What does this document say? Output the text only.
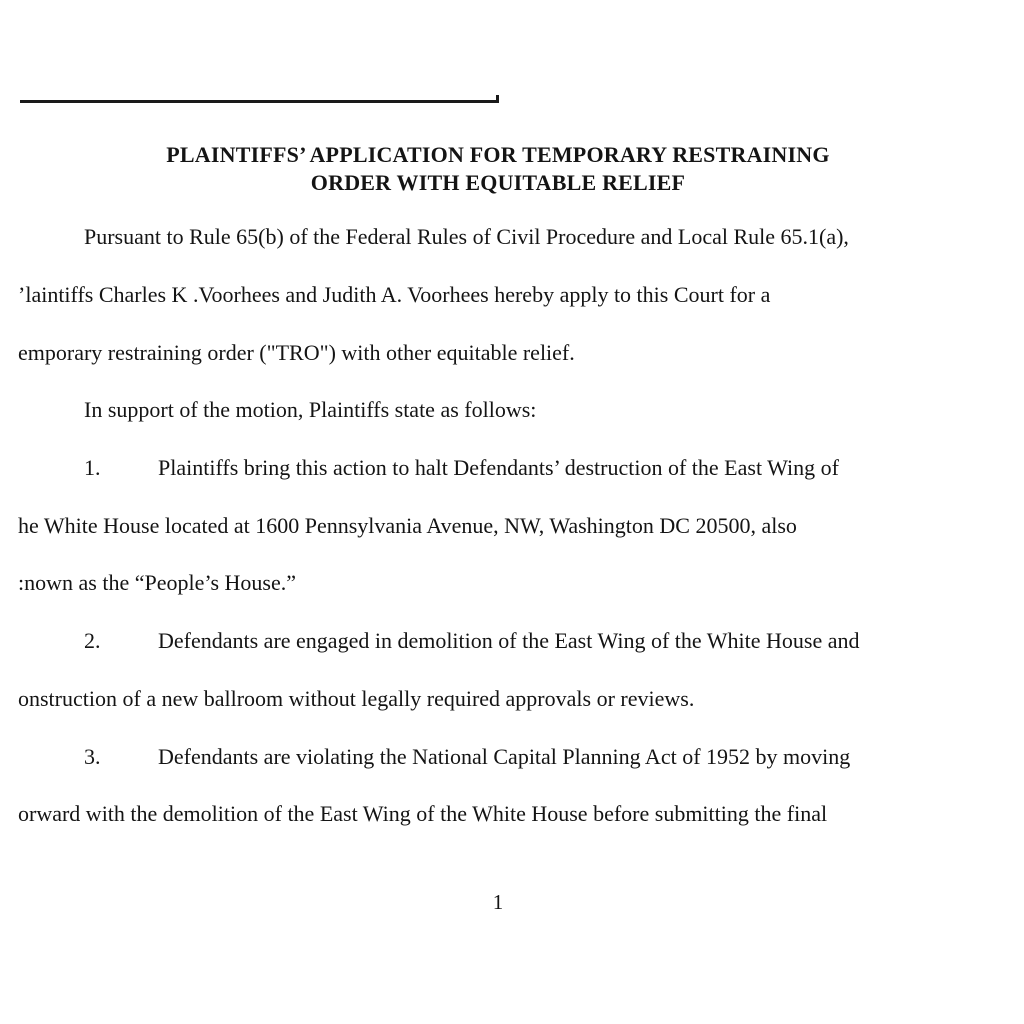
PLAINTIFFS’ APPLICATION FOR TEMPORARY RESTRAINING
ORDER WITH EQUITABLE RELIEF
Pursuant to Rule 65(b) of the Federal Rules of Civil Procedure and Local Rule 65.1(a),
’laintiffs Charles K .Voorhees and Judith A. Voorhees hereby apply to this Court for a
emporary restraining order ("TRO") with other equitable relief.
In support of the motion, Plaintiffs state as follows:
1.	Plaintiffs bring this action to halt Defendants’ destruction of the East Wing of
he White House located at 1600 Pennsylvania Avenue, NW, Washington DC 20500, also
:nown as the “People’s House.”
2.	Defendants are engaged in demolition of the East Wing of the White House and
onstruction of a new ballroom without legally required approvals or reviews.
3.	Defendants are violating the National Capital Planning Act of 1952 by moving
orward with the demolition of the East Wing of the White House before submitting the final
1
